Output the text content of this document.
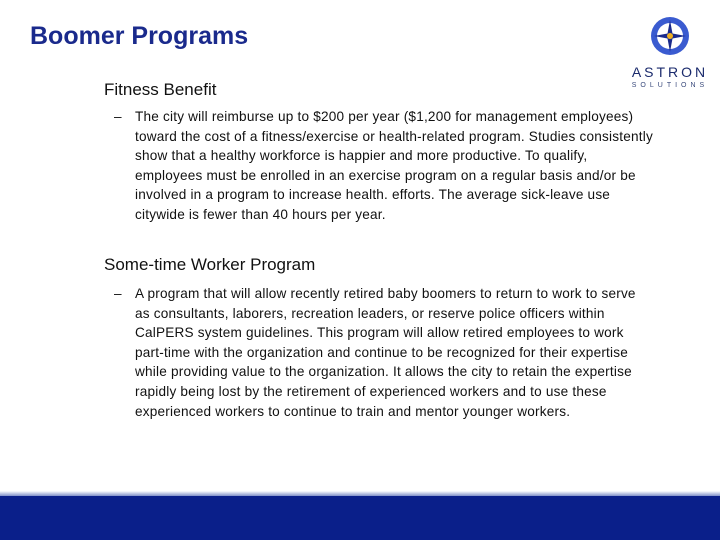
Boomer Programs
ASTRON
SOLUTIONS
Fitness Benefit
– The city will reimburse up to $200 per year ($1,200 for management employees) toward the cost of a fitness/exercise or health-related program. Studies consistently show that a healthy workforce is happier and more productive. To qualify, employees must be enrolled in an exercise program on a regular basis and/or be involved in a program to increase health. efforts. The average sick-leave use citywide is fewer than 40 hours per year.
Some-time Worker Program
– A program that will allow recently retired baby boomers to return to work to serve as consultants, laborers, recreation leaders, or reserve police officers within CalPERS system guidelines. This program will allow retired employees to work part-time with the organization and continue to be recognized for their expertise while providing value to the organization. It allows the city to retain the expertise rapidly being lost by the retirement of experienced workers and to use these experienced workers to continue to train and mentor younger workers.
